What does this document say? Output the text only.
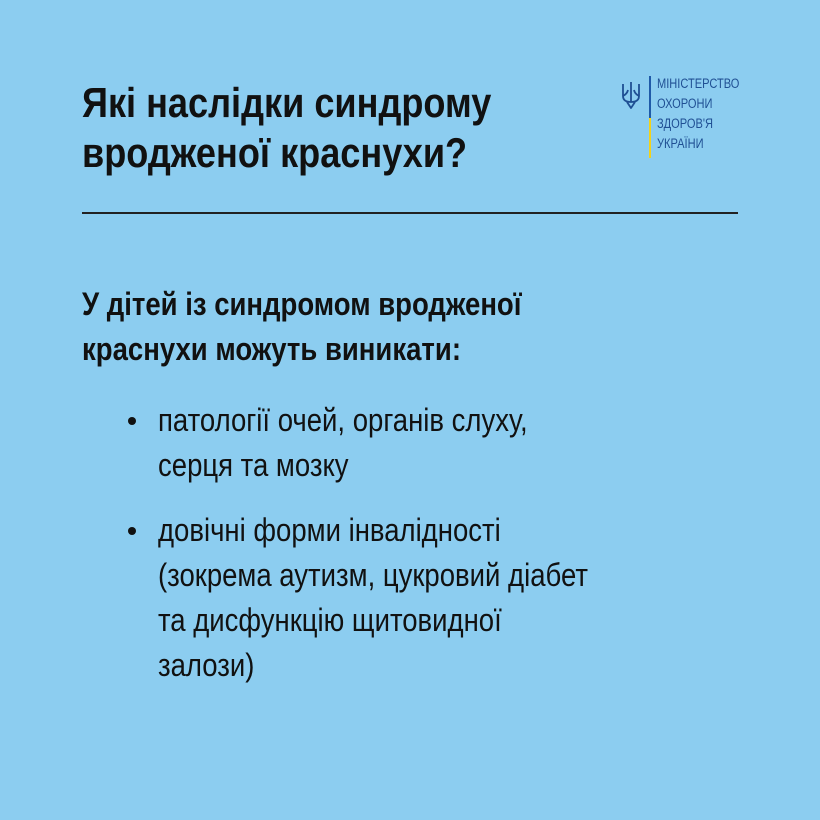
Які наслідки синдрому
вродженої краснухи?
МІНІСТЕРСТВО
ОХОРОНИ
ЗДОРОВ'Я
УКРАЇНИ

У дітей із синдромом вродженої
краснухи можуть виникати:

патології очей, органів слуху,
серця та мозку
довічні форми інвалідності
(зокрема аутизм, цукровий діабет
та дисфункцію щитовидної
залози)
